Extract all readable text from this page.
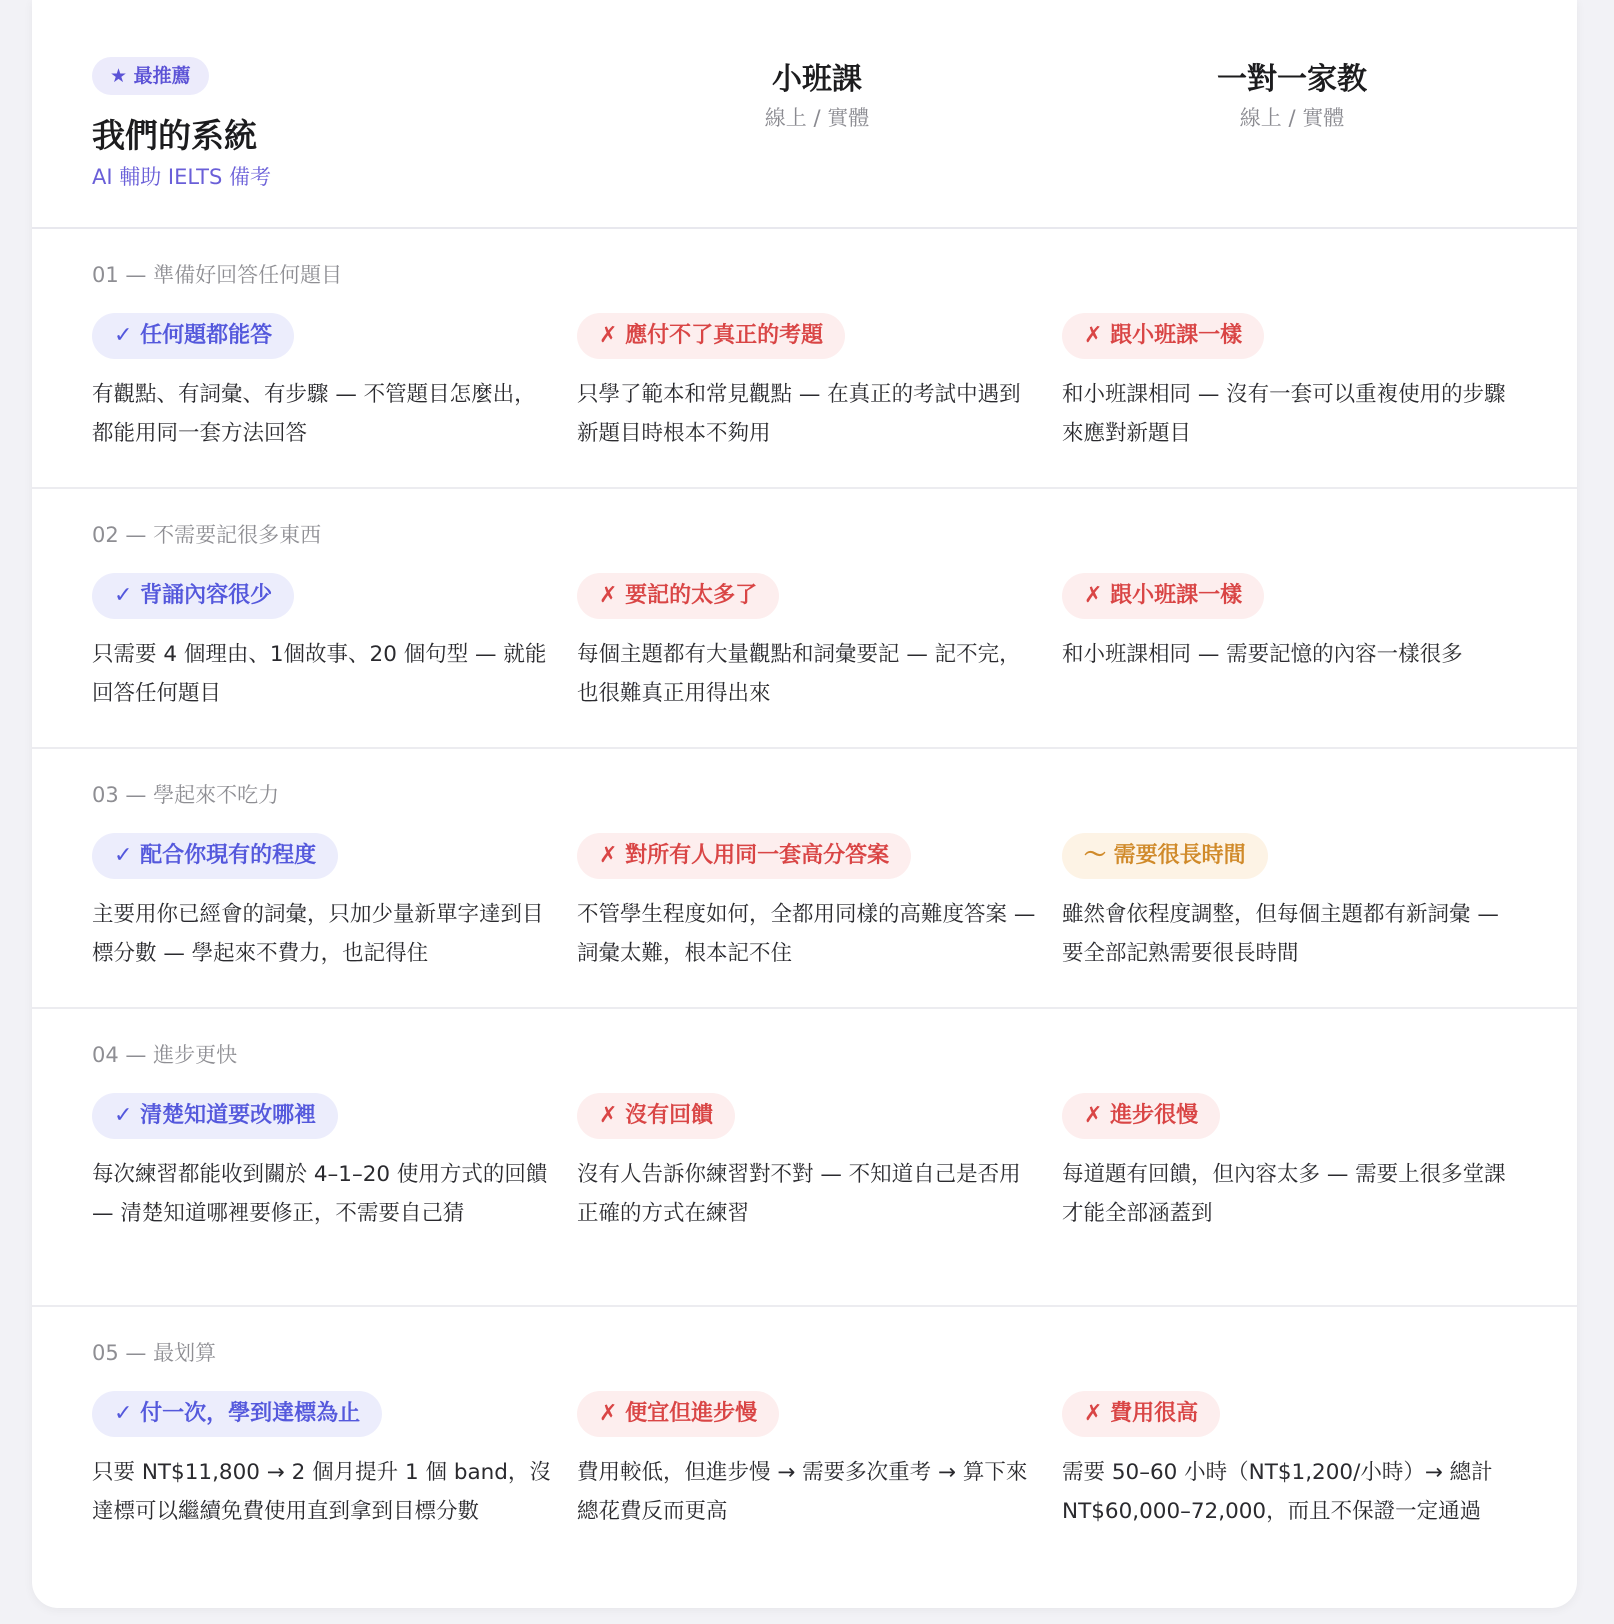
★ 最推薦
我們的系統
AI 輔助 IELTS 備考
小班課
線上 / 實體
一對一家教
線上 / 實體
01 — 準備好回答任何題目
✓ 任何題都能答
有觀點、有詞彙、有步驟 — 不管題目怎麼出，都能用同一套方法回答
✗ 應付不了真正的考題
只學了範本和常見觀點 — 在真正的考試中遇到新題目時根本不夠用
✗ 跟小班課一樣
和小班課相同 — 沒有一套可以重複使用的步驟來應對新題目
02 — 不需要記很多東西
✓ 背誦內容很少
只需要 4 個理由、1個故事、20 個句型 — 就能回答任何題目
✗ 要記的太多了
每個主題都有大量觀點和詞彙要記 — 記不完，也很難真正用得出來
✗ 跟小班課一樣
和小班課相同 — 需要記憶的內容一樣很多
03 — 學起來不吃力
✓ 配合你現有的程度
主要用你已經會的詞彙，只加少量新單字達到目標分數 — 學起來不費力，也記得住
✗ 對所有人用同一套高分答案
不管學生程度如何，全都用同樣的高難度答案 — 詞彙太難，根本記不住
～ 需要很長時間
雖然會依程度調整，但每個主題都有新詞彙 — 要全部記熟需要很長時間
04 — 進步更快
✓ 清楚知道要改哪裡
每次練習都能收到關於 4–1–20 使用方式的回饋 — 清楚知道哪裡要修正，不需要自己猜
✗ 沒有回饋
沒有人告訴你練習對不對 — 不知道自己是否用正確的方式在練習
✗ 進步很慢
每道題有回饋，但內容太多 — 需要上很多堂課才能全部涵蓋到
05 — 最划算
✓ 付一次，學到達標為止
只要 NT$11,800 → 2 個月提升 1 個 band，沒達標可以繼續免費使用直到拿到目標分數
✗ 便宜但進步慢
費用較低，但進步慢 → 需要多次重考 → 算下來總花費反而更高
✗ 費用很高
需要 50–60 小時（NT$1,200/小時）→ 總計 NT$60,000–72,000，而且不保證一定通過
